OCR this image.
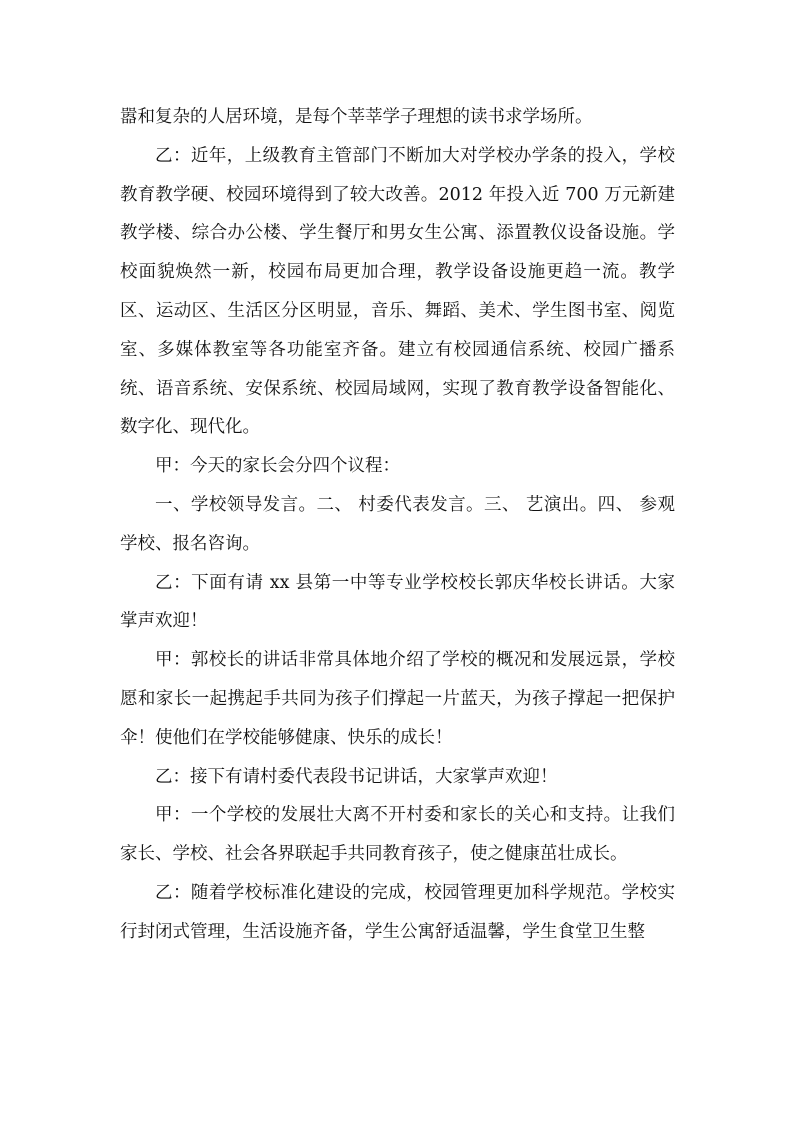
嚣和复杂的人居环境，是每个莘莘学子理想的读书求学场所。

乙：近年，上级教育主管部门不断加大对学校办学条的投入，学校教育教学硬、校园环境得到了较大改善。2012 年投入近 700 万元新建教学楼、综合办公楼、学生餐厅和男女生公寓、添置教仪设备设施。学校面貌焕然一新，校园布局更加合理，教学设备设施更趋一流。教学区、运动区、生活区分区明显，音乐、舞蹈、美术、学生图书室、阅览室、多媒体教室等各功能室齐备。建立有校园通信系统、校园广播系统、语音系统、安保系统、校园局域网，实现了教育教学设备智能化、数字化、现代化。

甲：今天的家长会分四个议程：

一、学校领导发言。二、 村委代表发言。三、 艺演出。四、 参观学校、报名咨询。

乙：下面有请 xx 县第一中等专业学校校长郭庆华校长讲话。大家掌声欢迎！

甲：郭校长的讲话非常具体地介绍了学校的概况和发展远景，学校愿和家长一起携起手共同为孩子们撑起一片蓝天，为孩子撑起一把保护伞！使他们在学校能够健康、快乐的成长！

乙：接下有请村委代表段书记讲话，大家掌声欢迎！

甲：一个学校的发展壮大离不开村委和家长的关心和支持。让我们家长、学校、社会各界联起手共同教育孩子，使之健康茁壮成长。

乙：随着学校标准化建设的完成，校园管理更加科学规范。学校实行封闭式管理，生活设施齐备，学生公寓舒适温馨，学生食堂卫生整
